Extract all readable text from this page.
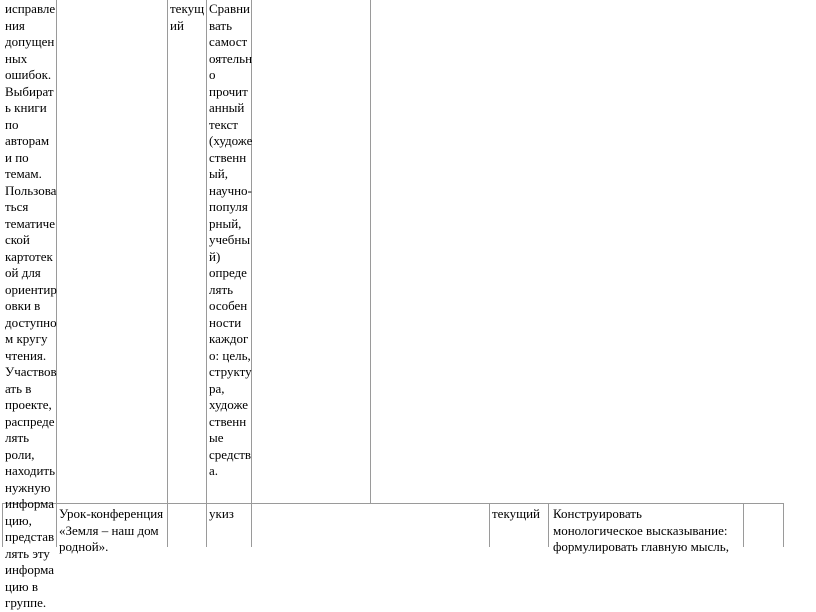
исправле
ния
допущен
ных
ошибок.
Выбират
ь книги
по
авторам
и по
темам.
Пользова
ться
тематиче
ской
картотек
ой для
ориентир
овки в
доступно
м кругу
чтения.
Участвов
ать в
проекте,
распреде
лять
роли,
находить
нужную
информа
цию,
представ
лять эту
информа
цию в
группе.
текущ
ий
Сравни
вать
самост
оятельн
о
прочит
анный
текст
(художе
ственн
ый,
научно-
популя
рный,
учебны
й)
опреде
лять
особен
ности
каждог
о: цель,
структу
ра,
художе
ственн
ые
средств
а.
Урок-конференция
«Земля – наш дом
родной».
укиз	текущий Конструировать
монологическое высказывание:
формулировать главную мысль,
